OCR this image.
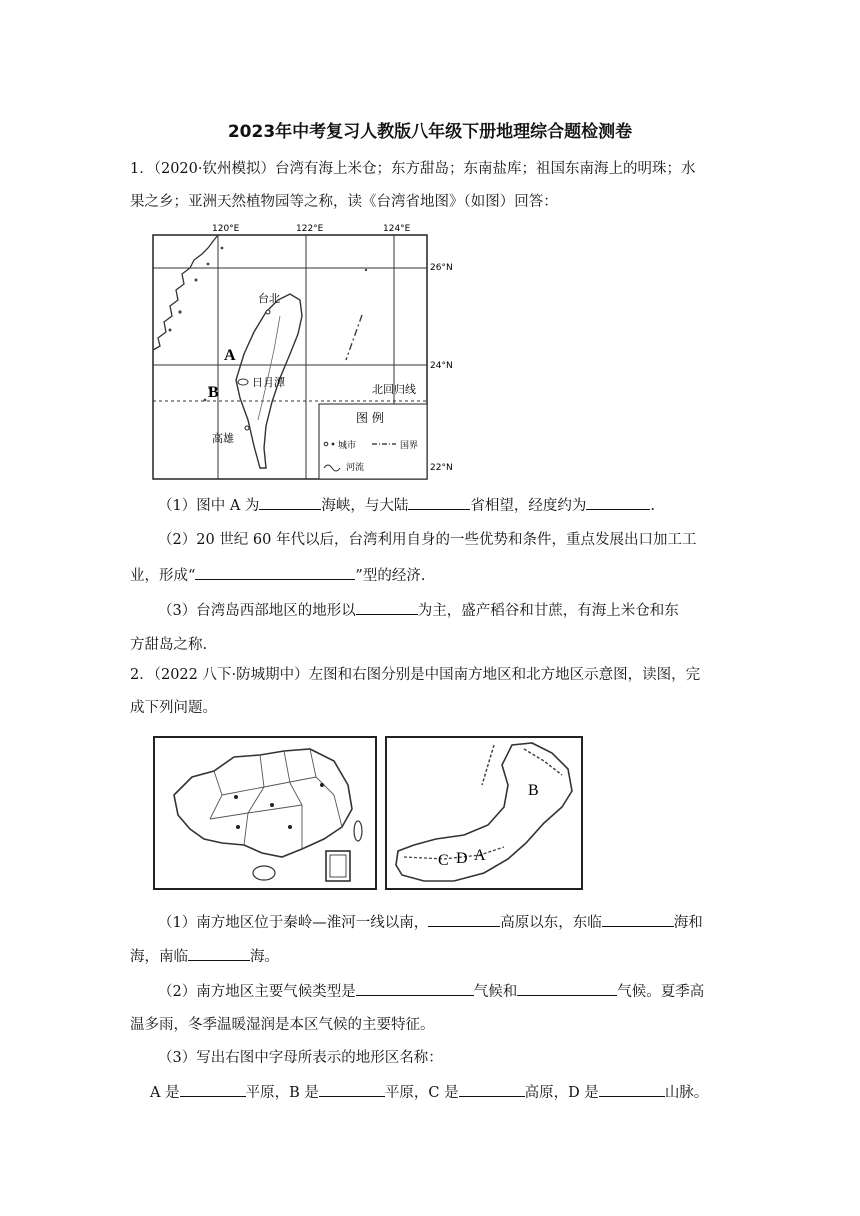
2023年中考复习人教版八年级下册地理综合题检测卷
1．（2020·钦州模拟）台湾有海上米仓；东方甜岛；东南盐库；祖国东南海上的明珠；水
果之乡；亚洲天然植物园等之称，读《台湾省地图》（如图）回答：
120°E	122°E	124°E
26°N
24°N
22°N
台北
高雄
日月潭
北回归线
A
B
图 例
城市	国界
河流
（1）图中 A 为	海峡，与大陆	省相望，经度约为	.
（2）20 世纪 60 年代以后，台湾利用自身的一些优势和条件，重点发展出口加工工
业，形成“	”型的经济.
（3）台湾岛西部地区的地形以	为主，盛产稻谷和甘蔗，有海上米仓和东
方甜岛之称.
2．（2022 八下·防城期中）左图和右图分别是中国南方地区和北方地区示意图，读图，完
成下列问题。
B
C D A
（1）南方地区位于秦岭—淮河一线以南，	高原以东，东临	海和
海，南临	海。
（2）南方地区主要气候类型是	气候和	气候。夏季高
温多雨，冬季温暖湿润是本区气候的主要特征。
（3）写出右图中字母所表示的地形区名称：
A 是	平原，B 是	平原，C 是	高原，D 是	山脉。
